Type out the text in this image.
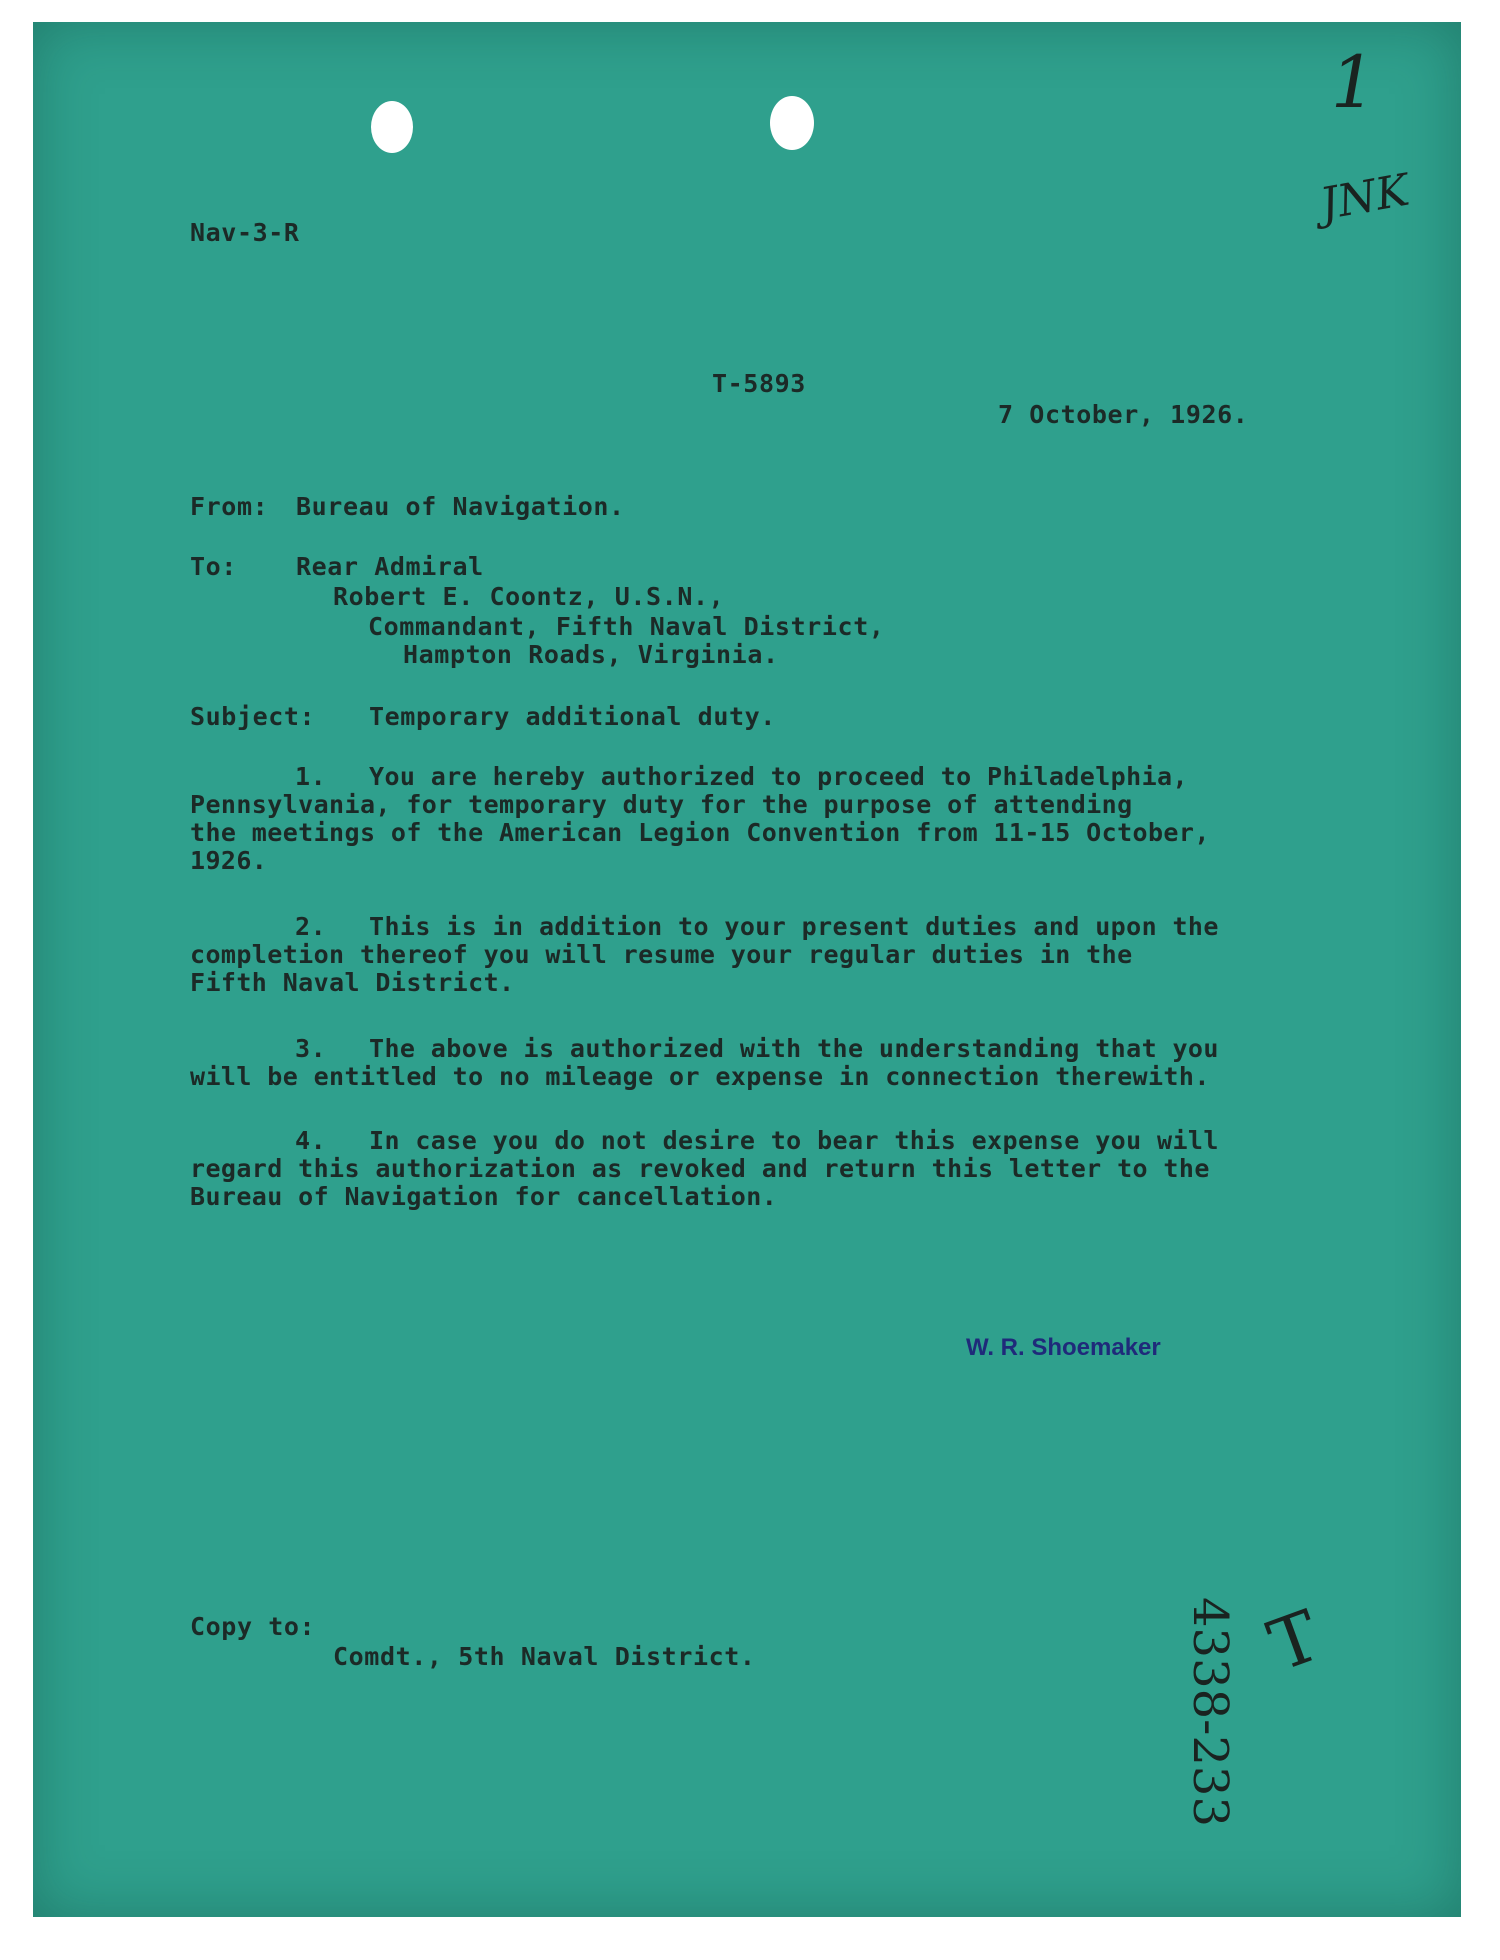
1
JNK
4338-233 T
Nav-3-R
T-5893
7 October, 1926.
From: Bureau of Navigation.
To: Rear Admiral
Robert E. Coontz, U.S.N.,
Commandant, Fifth Naval District,
Hampton Roads, Virginia.
Subject: Temporary additional duty.
1. You are hereby authorized to proceed to Philadelphia,
Pennsylvania, for temporary duty for the purpose of attending
the meetings of the American Legion Convention from 11-15 October,
1926.
2. This is in addition to your present duties and upon the
completion thereof you will resume your regular duties in the
Fifth Naval District.
3. The above is authorized with the understanding that you
will be entitled to no mileage or expense in connection therewith.
4. In case you do not desire to bear this expense you will
regard this authorization as revoked and return this letter to the
Bureau of Navigation for cancellation.
W. R. Shoemaker
Copy to:
Comdt., 5th Naval District.
